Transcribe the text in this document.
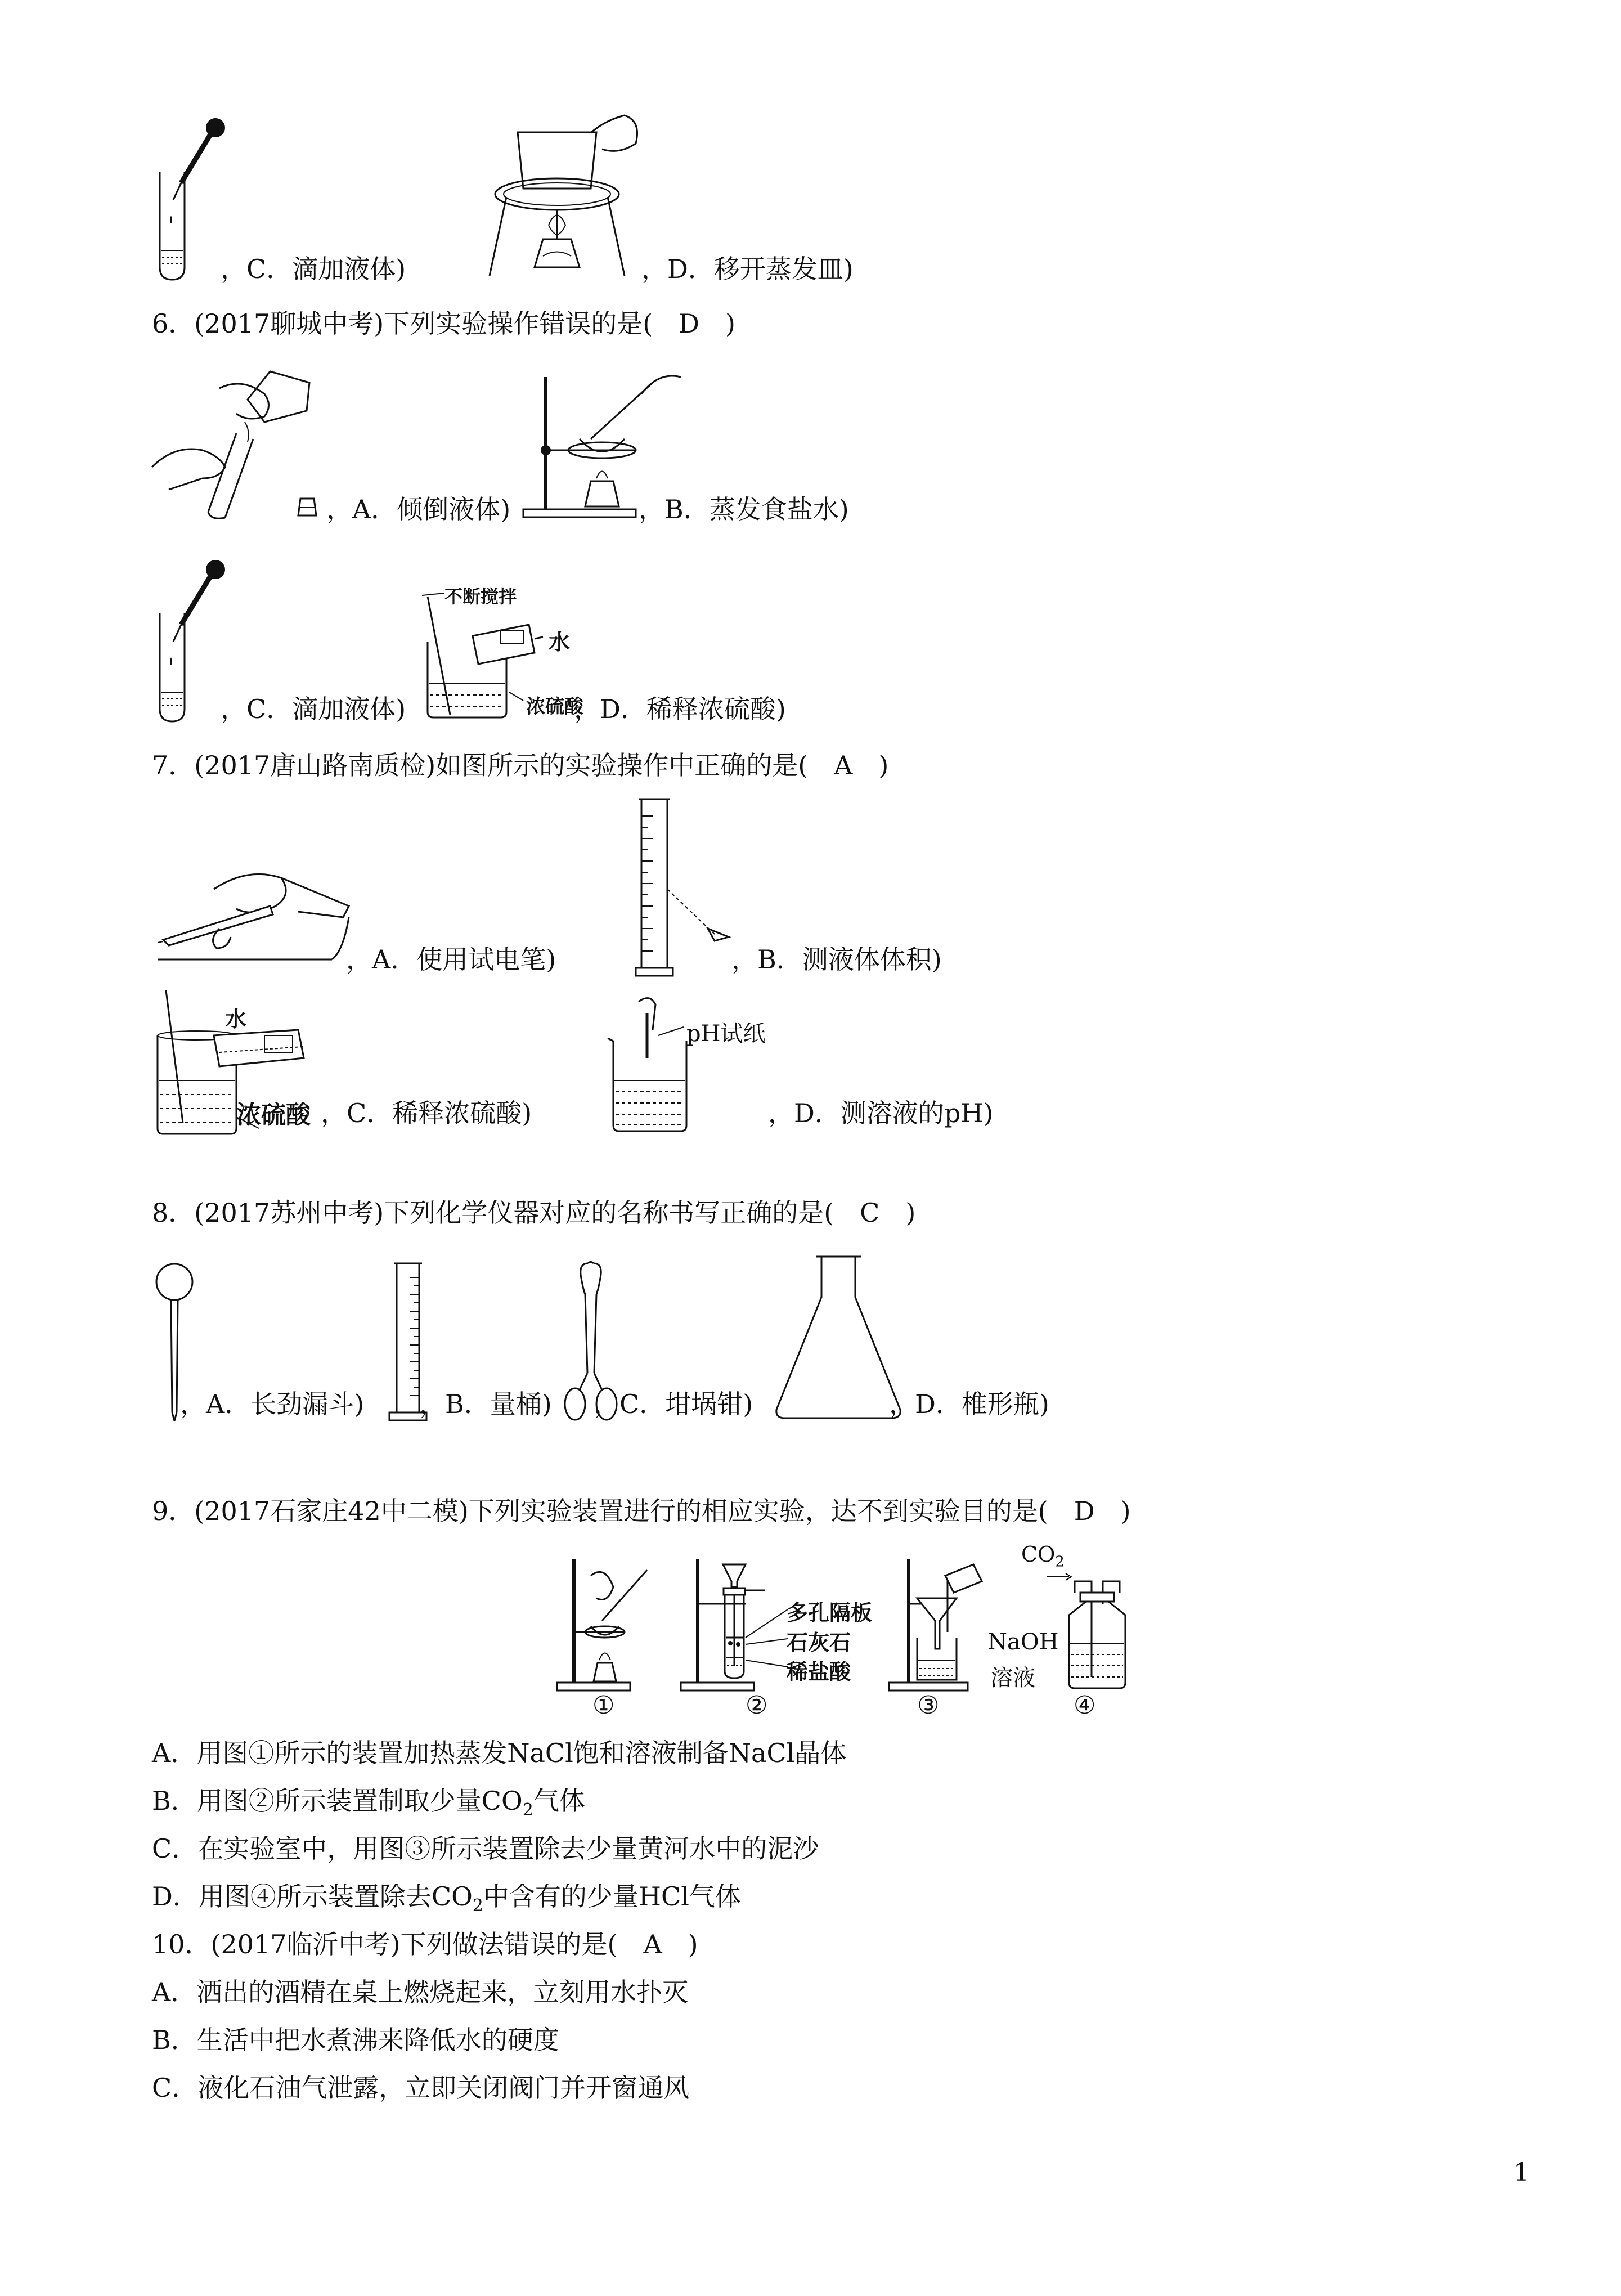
，C．滴加液体)	，D．移开蒸发皿)
6．(2017聊城中考)下列实验操作错误的是(　D　)
，A．倾倒液体)	，B．蒸发食盐水)
，C．滴加液体)
不断搅拌
水
浓硫酸
，D．稀释浓硫酸)
7．(2017唐山路南质检)如图所示的实验操作中正确的是(　A　)
，A．使用试电笔)	，B．测液体体积)
水
浓硫酸 ，C．稀释浓硫酸)
pH试纸
，D．测溶液的pH)
8．(2017苏州中考)下列化学仪器对应的名称书写正确的是(　C　)
，A．长劲漏斗) ，B．量桶) ，C．坩埚钳)	，D．椎形瓶)
9．(2017石家庄42中二模)下列实验装置进行的相应实验，达不到实验目的是(　D　)
①
多孔隔板
石灰石
稀盐酸
②	③
$CO_2$
NaOH
溶液
④
A．用图①所示的装置加热蒸发NaCl饱和溶液制备NaCl晶体
B．用图②所示装置制取少量$CO_2$气体
C．在实验室中，用图③所示装置除去少量黄河水中的泥沙
D．用图④所示装置除去$CO_2$中含有的少量HCl气体
10．(2017临沂中考)下列做法错误的是(　A　)
A．洒出的酒精在桌上燃烧起来，立刻用水扑灭
B．生活中把水煮沸来降低水的硬度
C．液化石油气泄露，立即关闭阀门并开窗通风
1
